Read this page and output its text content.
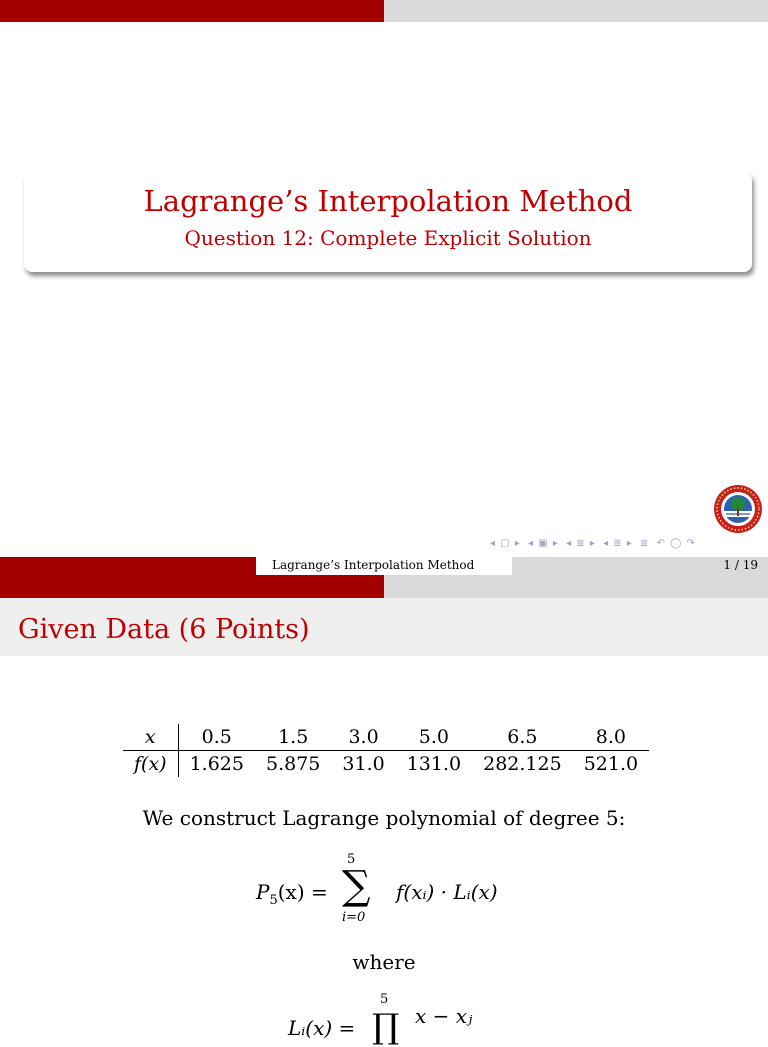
Lagrange’s Interpolation Method
Question 12: Complete Explicit Solution
◂ ▢ ▸ ◂ ▣ ▸ ◂ ≣ ▸ ◂ ≣ ▸ ≣ ↶ ◯ ↷
Lagrange’s Interpolation Method	1 / 19
Given Data (6 Points)
x	0.5	1.5	3.0	5.0	6.5	8.0
f(x)	1.625	5.875	31.0	131.0	282.125	521.0
We construct Lagrange polynomial of degree 5:
$P_5(x)$ =
5
∑
i=0
f(xᵢ) · Lᵢ(x)
where
5
Lᵢ(x) = ∏ x − xⱼ
